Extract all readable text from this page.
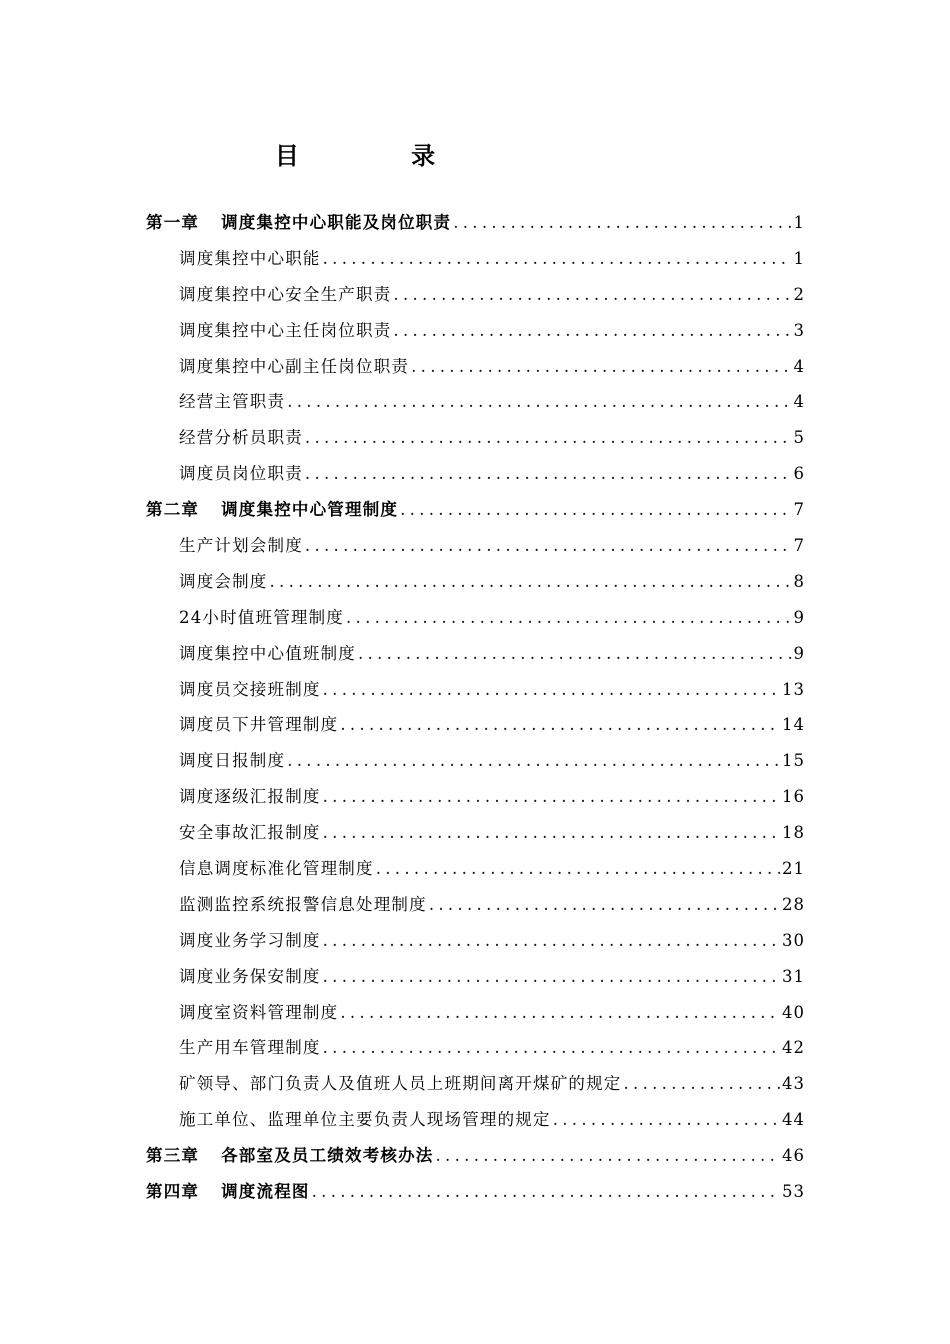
目 录
第一章 调度集控中心职能及岗位职责 .....	1
调度集控中心职能 .....	1
调度集控中心安全生产职责 .....	2
调度集控中心主任岗位职责 .....	3
调度集控中心副主任岗位职责 .....	4
经营主管职责 .....	4
经营分析员职责 .....	5
调度员岗位职责 .....	6
第二章 调度集控中心管理制度 .....	7
生产计划会制度 .....	7
调度会制度 .....	8
24小时值班管理制度 .....	9
调度集控中心值班制度 .....	9
调度员交接班制度 .....	13
调度员下井管理制度 .....	14
调度日报制度 .....	15
调度逐级汇报制度 .....	16
安全事故汇报制度 .....	18
信息调度标准化管理制度 .....	21
监测监控系统报警信息处理制度 .....	28
调度业务学习制度 .....	30
调度业务保安制度 .....	31
调度室资料管理制度 .....	40
生产用车管理制度 .....	42
矿领导、部门负责人及值班人员上班期间离开煤矿的规定 .....	43
施工单位、监理单位主要负责人现场管理的规定 .....	44
第三章 各部室及员工绩效考核办法 .....	46
第四章 调度流程图 .....	53
